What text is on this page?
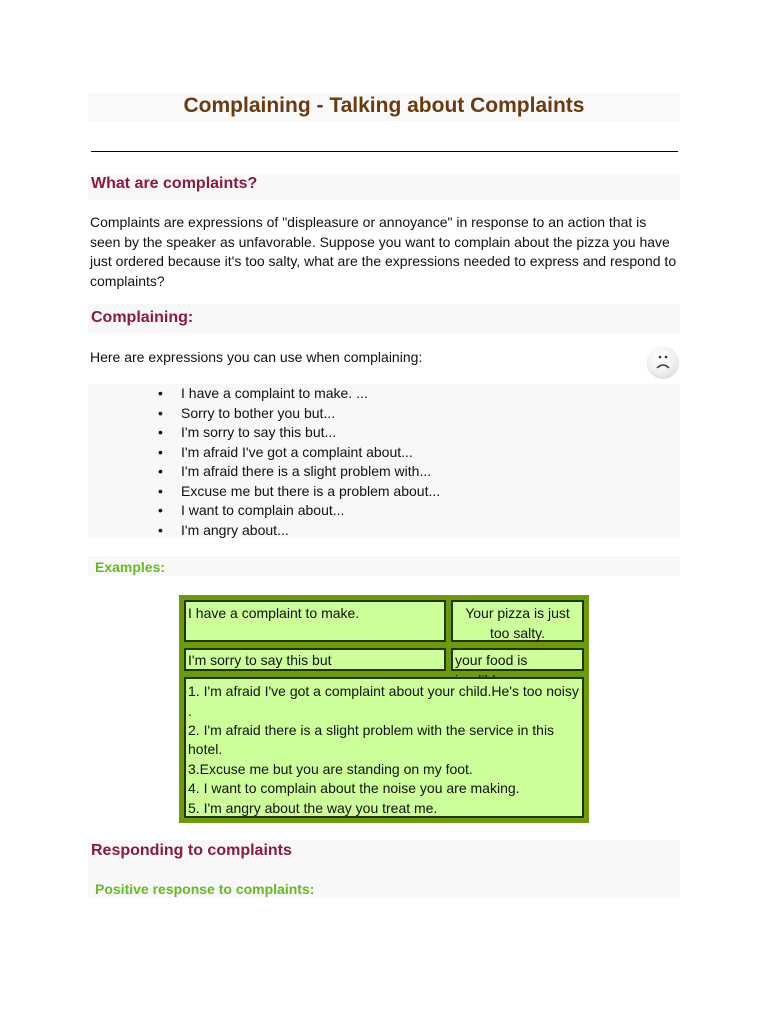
Complaining - Talking about Complaints
What are complaints?

Complaints are expressions of "displeasure or annoyance" in response to an action that is seen by the speaker as unfavorable. Suppose you want to complain about the pizza you have just ordered because it's too salty, what are the expressions needed to express and respond to complaints?

Complaining:

Here are expressions you can use when complaining:

• I have a complaint to make. ...
• Sorry to bother you but...
• I'm sorry to say this but...
• I'm afraid I've got a complaint about...
• I'm afraid there is a slight problem with...
• Excuse me but there is a problem about...
• I want to complain about...
• I'm angry about...
Examples:
I have a complaint to make.	Your pizza is just too salty.
I'm sorry to say this but	your food is
1. I'm afraid I've got a complaint about your child.He's too noisy
.
2. I'm afraid there is a slight problem with the service in this hotel.
3.Excuse me but you are standing on my foot.
4. I want to complain about the noise you are making.
5. I'm angry about the way you treat me.
Responding to complaints
Positive response to complaints:
